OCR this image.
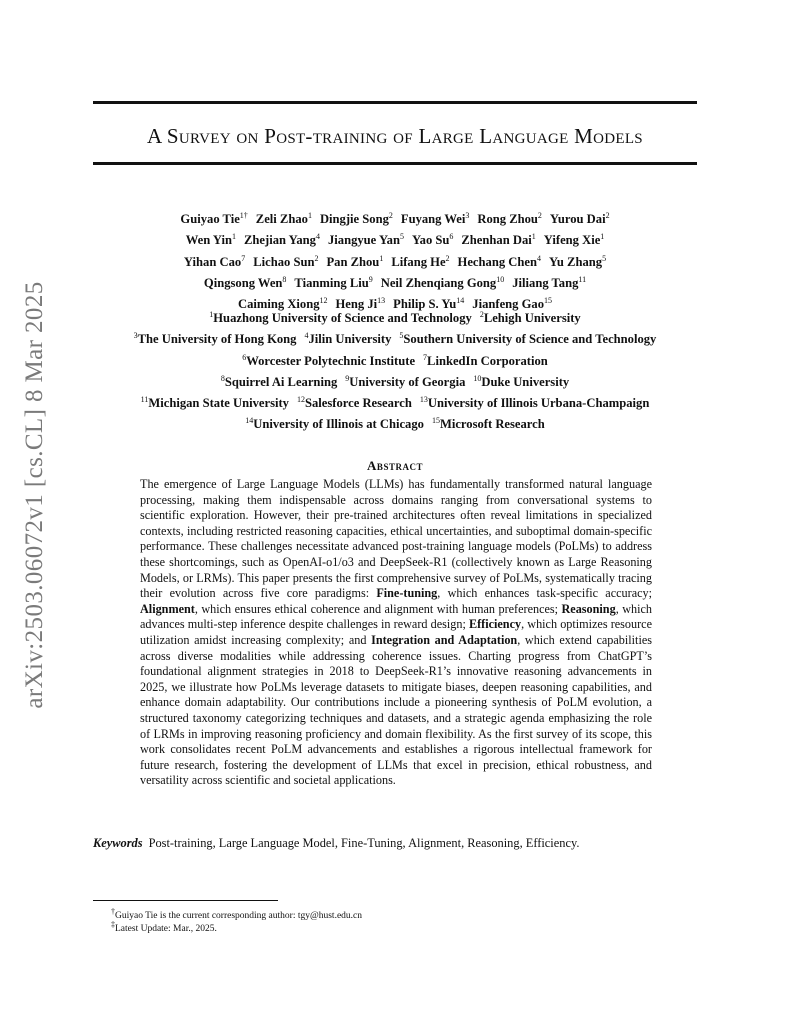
arXiv:2503.06072v1 [cs.CL] 8 Mar 2025
A Survey on Post-training of Large Language Models
Guiyao Tie$^{1\dagger}$ Zeli Zhao$^1$ Dingjie Song$^2$ Fuyang Wei$^3$ Rong Zhou$^2$ Yurou Dai$^2$
Wen Yin$^1$ Zhejian Yang$^4$ Jiangyue Yan$^5$ Yao Su$^6$ Zhenhan Dai$^1$ Yifeng Xie$^1$
Yihan Cao$^7$ Lichao Sun$^2$ Pan Zhou$^1$ Lifang He$^2$ Hechang Chen$^4$ Yu Zhang$^5$
Qingsong Wen$^8$ Tianming Liu$^9$ Neil Zhenqiang Gong$^{10}$ Jiliang Tang$^{11}$
Caiming Xiong$^{12}$ Heng Ji$^{13}$ Philip S. Yu$^{14}$ Jianfeng Gao$^{15}$
$^1$Huazhong University of Science and Technology $^2$Lehigh University
$^3$The University of Hong Kong $^4$Jilin University $^5$Southern University of Science and Technology
$^6$Worcester Polytechnic Institute $^7$LinkedIn Corporation
$^8$Squirrel Ai Learning $^9$University of Georgia $^{10}$Duke University
$^{11}$Michigan State University $^{12}$Salesforce Research $^{13}$University of Illinois Urbana-Champaign
$^{14}$University of Illinois at Chicago $^{15}$Microsoft Research
Abstract
The emergence of Large Language Models (LLMs) has fundamentally transformed natural language processing, making them indispensable across domains ranging from conversational systems to scientific exploration. However, their pre-trained architectures often reveal limitations in specialized contexts, including restricted reasoning capacities, ethical uncertainties, and suboptimal domain-specific performance. These challenges necessitate advanced post-training language models (PoLMs) to address these shortcomings, such as OpenAI-o1/o3 and DeepSeek-R1 (collectively known as Large Reasoning Models, or LRMs). This paper presents the first comprehensive survey of PoLMs, systematically tracing their evolution across five core paradigms: Fine-tuning, which enhances task-specific accuracy; Alignment, which ensures ethical coherence and alignment with human preferences; Reasoning, which advances multi-step inference despite challenges in reward design; Efficiency, which optimizes resource utilization amidst increasing complexity; and Integration and Adaptation, which extend capabilities across diverse modalities while addressing coherence issues. Charting progress from ChatGPT’s foundational alignment strategies in 2018 to DeepSeek-R1’s innovative reasoning advancements in 2025, we illustrate how PoLMs leverage datasets to mitigate biases, deepen reasoning capabilities, and enhance domain adaptability. Our contributions include a pioneering synthesis of PoLM evolution, a structured taxonomy categorizing techniques and datasets, and a strategic agenda emphasizing the role of LRMs in improving reasoning proficiency and domain flexibility. As the first survey of its scope, this work consolidates recent PoLM advancements and establishes a rigorous intellectual framework for future research, fostering the development of LLMs that excel in precision, ethical robustness, and versatility across scientific and societal applications.
Keywords Post-training, Large Language Model, Fine-Tuning, Alignment, Reasoning, Efficiency.
†Guiyao Tie is the current corresponding author: tgy@hust.edu.cn
‡Latest Update: Mar., 2025.
